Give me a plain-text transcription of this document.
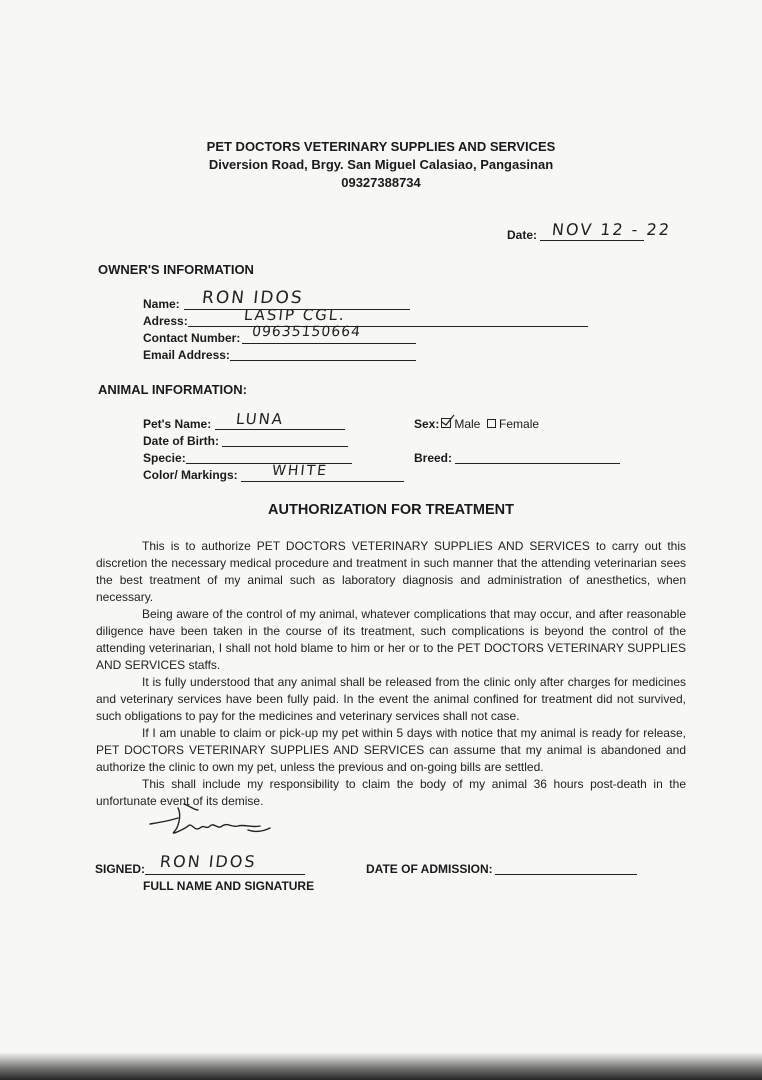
PET DOCTORS VETERINARY SUPPLIES AND SERVICES
Diversion Road, Brgy. San Miguel Calasiao, Pangasinan
09327388734
Date: NOV 12 - 22
OWNER'S INFORMATION
Name: RON IDOS
Adress:	LASIP CGL.
Contact Number: 09635150664
Email Address:
ANIMAL INFORMATION:
Pet's Name: LUNA
Date of Birth:
Specie:
Color/ Markings: WHITE
Sex:	Male Female
Breed:
AUTHORIZATION FOR TREATMENT

This is to authorize PET DOCTORS VETERINARY SUPPLIES AND SERVICES to carry out this discretion the necessary medical procedure and treatment in such manner that the attending veterinarian sees the best treatment of my animal such as laboratory diagnosis and administration of anesthetics, when necessary.

Being aware of the control of my animal, whatever complications that may occur, and after reasonable diligence have been taken in the course of its treatment, such complications is beyond the control of the attending veterinarian, I shall not hold blame to him or her or to the PET DOCTORS VETERINARY SUPPLIES AND SERVICES staffs.

It is fully understood that any animal shall be released from the clinic only after charges for medicines and veterinary services have been fully paid. In the event the animal confined for treatment did not survived, such obligations to pay for the medicines and veterinary services shall not case.

If I am unable to claim or pick-up my pet within 5 days with notice that my animal is ready for release, PET DOCTORS VETERINARY SUPPLIES AND SERVICES can assume that my animal is abandoned and authorize the clinic to own my pet, unless the previous and on-going bills are settled.

This shall include my responsibility to claim the body of my animal 36 hours post-death in the unfortunate event of its demise.

SIGNED: RON IDOS
FULL NAME AND SIGNATURE
DATE OF ADMISSION:
